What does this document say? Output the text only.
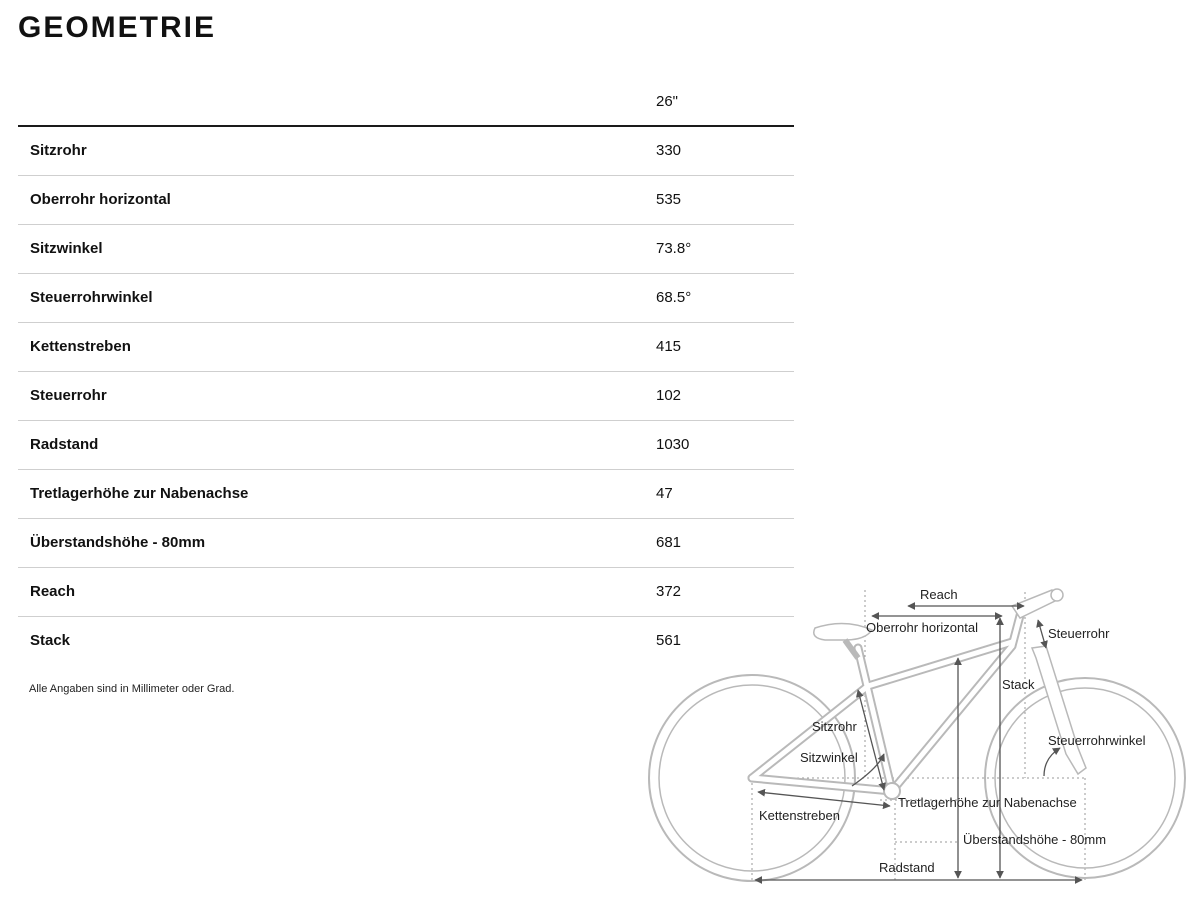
GEOMETRIE
	26"
Sitzrohr	330
Oberrohr horizontal	535
Sitzwinkel	73.8°
Steuerrohrwinkel	68.5°
Kettenstreben	415
Steuerrohr	102
Radstand	1030
Tretlagerhöhe zur Nabenachse	47
Überstandshöhe - 80mm	681
Reach	372
Stack	561
Alle Angaben sind in Millimeter oder Grad.
Reach
Oberrohr horizontal	Steuerrohr
Stack
Sitzrohr
Sitzwinkel
Steuerrohrwinkel
Tretlagerhöhe zur Nabenachse
Kettenstreben
Überstandshöhe - 80mm
Radstand
